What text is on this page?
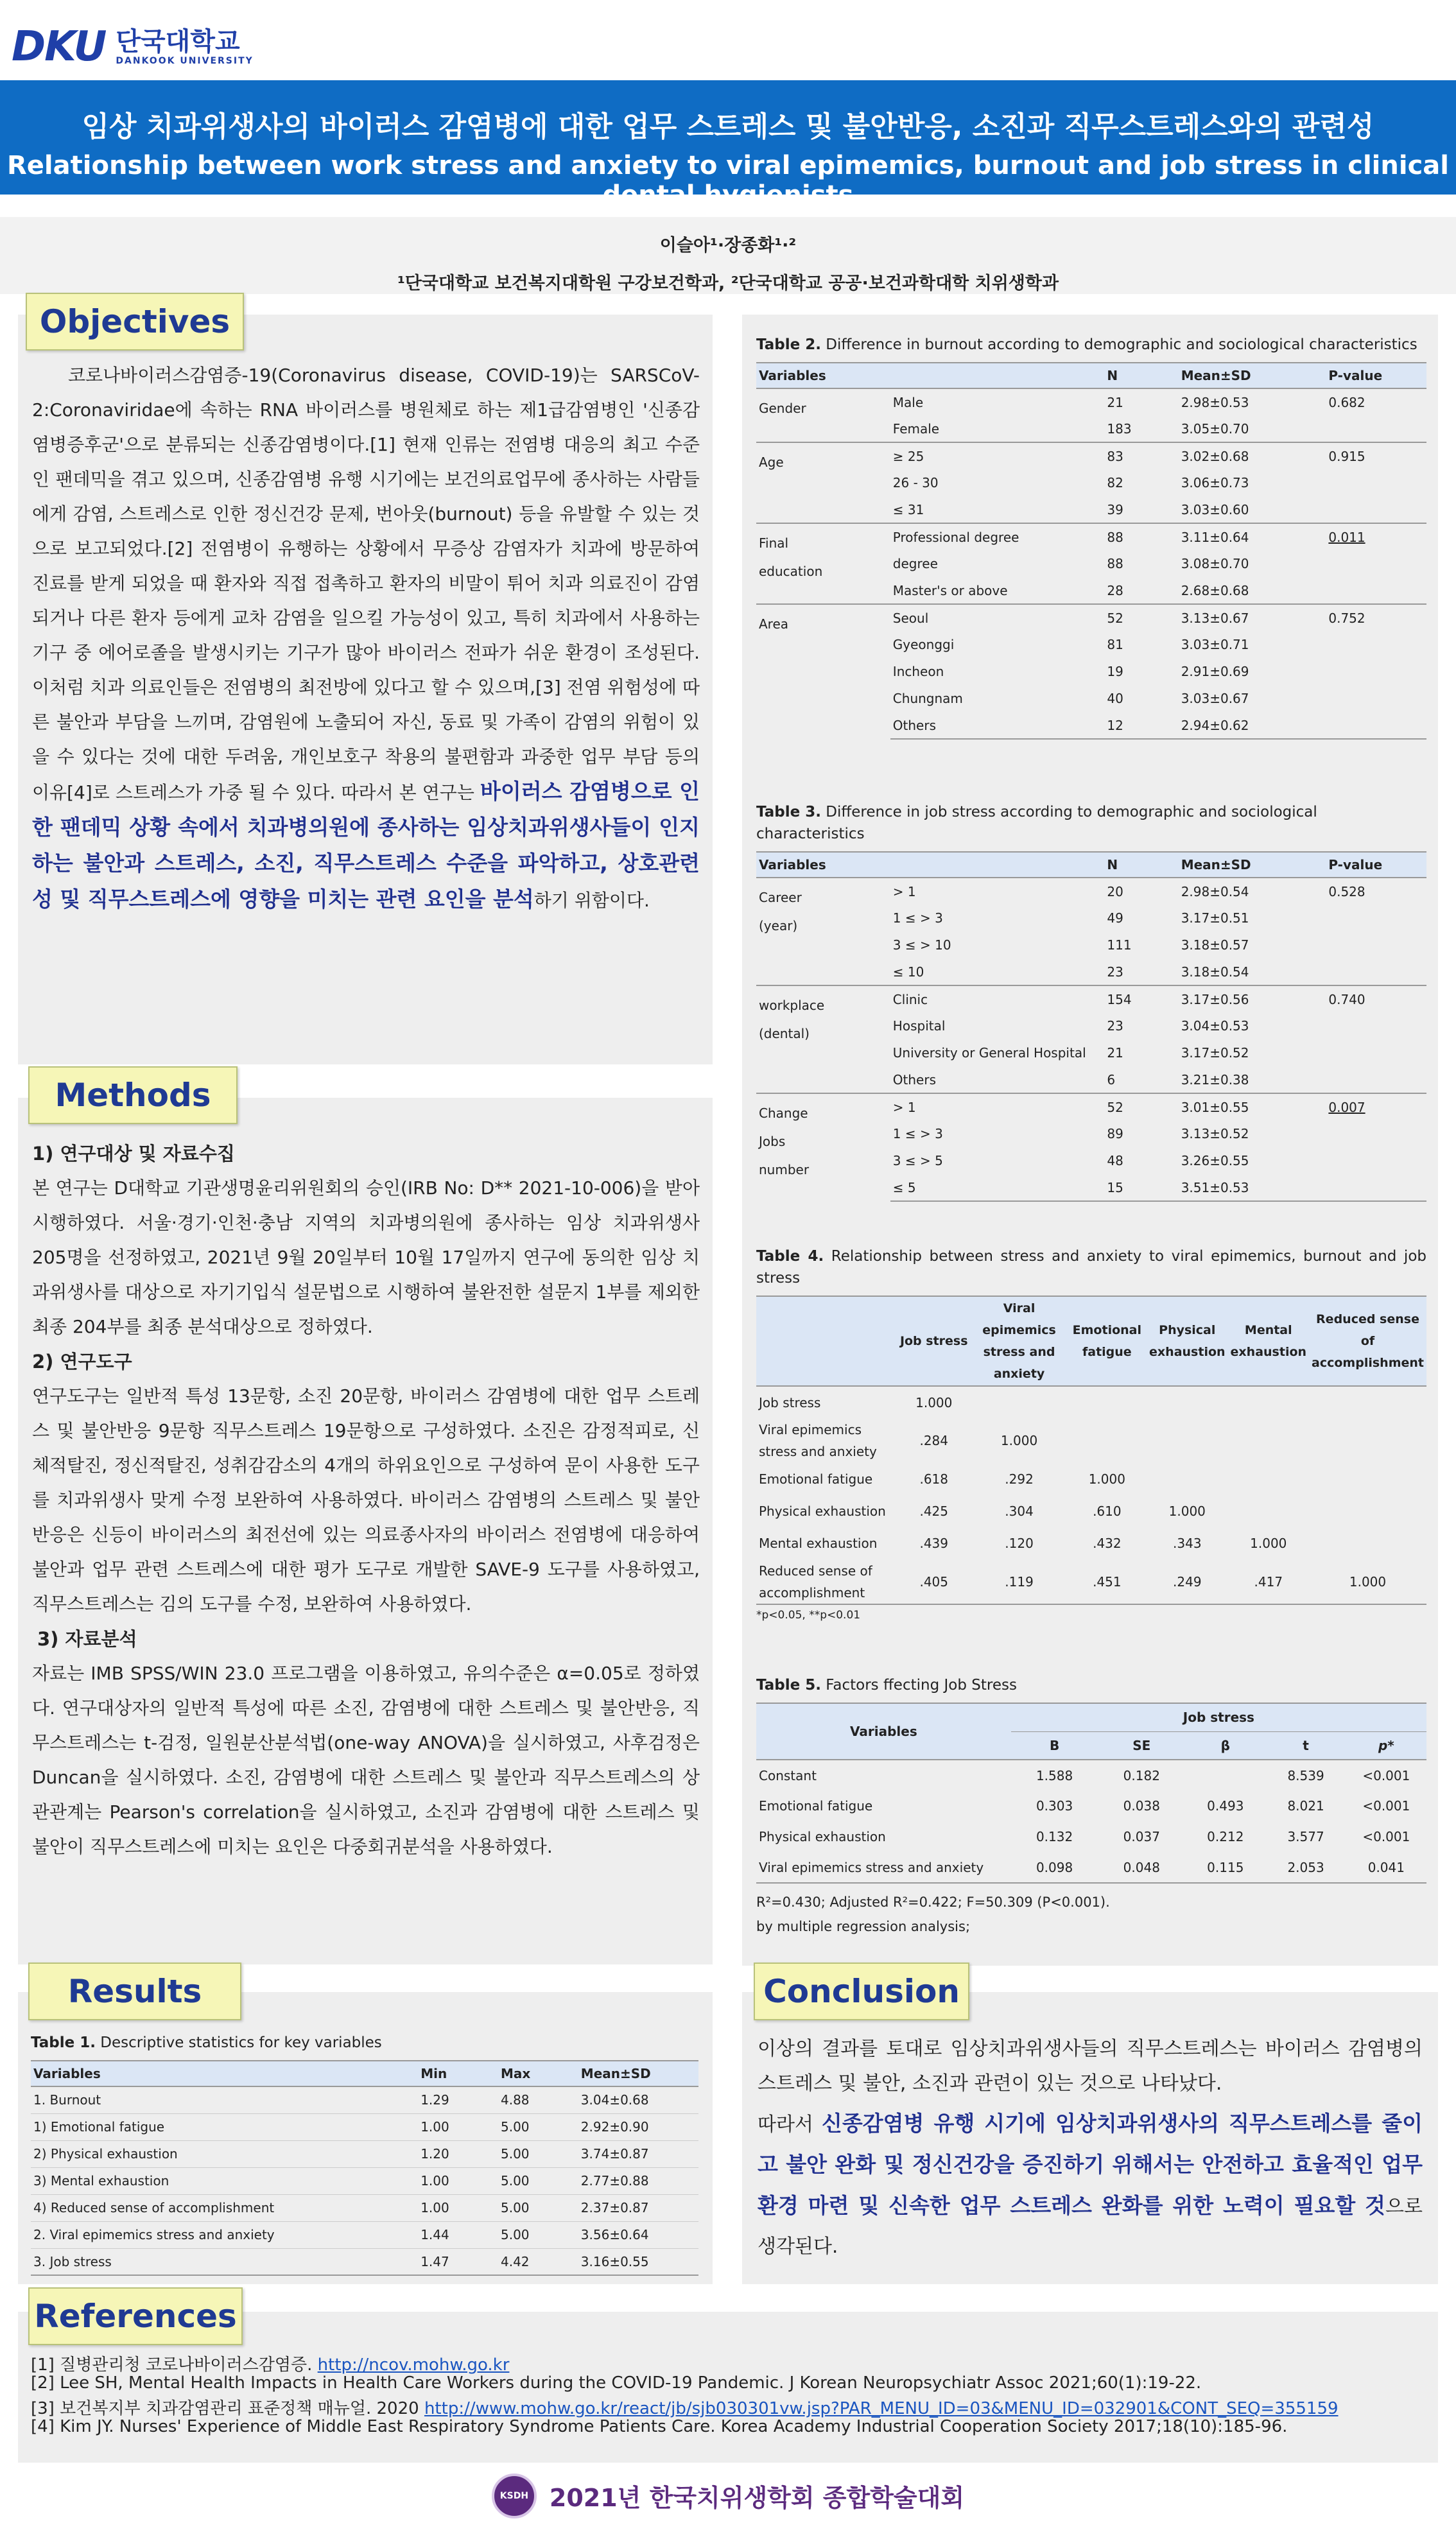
DKU 단국대학교
DANKOOK UNIVERSITY
임상 치과위생사의 바이러스 감염병에 대한 업무 스트레스 및 불안반응, 소진과 직무스트레스와의 관련성
Relationship between work stress and anxiety to viral epimemics, burnout and job stress in clinical dental hygienists
이슬아¹·장종화¹·²
¹단국대학교 보건복지대학원 구강보건학과, ²단국대학교 공공·보건과학대학 치위생학과
코로나바이러스감염증-19(Coronavirus disease, COVID-19)는 SARSCoV-2:Coronaviridae에 속하는 RNA 바이러스를 병원체로 하는 제1급감염병인 '신종감염병증후군'으로 분류되는 신종감염병이다.[1] 현재 인류는 전염병 대응의 최고 수준인 팬데믹을 겪고 있으며, 신종감염병 유행 시기에는 보건의료업무에 종사하는 사람들에게 감염, 스트레스로 인한 정신건강 문제, 번아웃(burnout) 등을 유발할 수 있는 것으로 보고되었다.[2] 전염병이 유행하는 상황에서 무증상 감염자가 치과에 방문하여 진료를 받게 되었을 때 환자와 직접 접촉하고 환자의 비말이 튀어 치과 의료진이 감염되거나 다른 환자 등에게 교차 감염을 일으킬 가능성이 있고, 특히 치과에서 사용하는 기구 중 에어로졸을 발생시키는 기구가 많아 바이러스 전파가 쉬운 환경이 조성된다. 이처럼 치과 의료인들은 전염병의 최전방에 있다고 할 수 있으며,[3] 전염 위험성에 따른 불안과 부담을 느끼며, 감염원에 노출되어 자신, 동료 및 가족이 감염의 위험이 있을 수 있다는 것에 대한 두려움, 개인보호구 착용의 불편함과 과중한 업무 부담 등의 이유[4]로 스트레스가 가중 될 수 있다. 따라서 본 연구는 바이러스 감염병으로 인한 팬데믹 상황 속에서 치과병의원에 종사하는 임상치과위생사들이 인지하는 불안과 스트레스, 소진, 직무스트레스 수준을 파악하고, 상호관련성 및 직무스트레스에 영향을 미치는 관련 요인을 분석하기 위함이다.
Objectives
1) 연구대상 및 자료수집
본 연구는 D대학교 기관생명윤리위원회의 승인(IRB No: D** 2021-10-006)을 받아 시행하였다. 서울·경기·인천·충남 지역의 치과병의원에 종사하는 임상 치과위생사 205명을 선정하였고, 2021년 9월 20일부터 10월 17일까지 연구에 동의한 임상 치과위생사를 대상으로 자기기입식 설문법으로 시행하여 불완전한 설문지 1부를 제외한 최종 204부를 최종 분석대상으로 정하였다.
2) 연구도구
연구도구는 일반적 특성 13문항, 소진 20문항, 바이러스 감염병에 대한 업무 스트레스 및 불안반응 9문항 직무스트레스 19문항으로 구성하였다. 소진은 감정적피로, 신체적탈진, 정신적탈진, 성취감감소의 4개의 하위요인으로 구성하여 문이 사용한 도구를 치과위생사 맞게 수정 보완하여 사용하였다. 바이러스 감염병의 스트레스 및 불안반응은 신등이 바이러스의 최전선에 있는 의료종사자의 바이러스 전염병에 대응하여 불안과 업무 관련 스트레스에 대한 평가 도구로 개발한 SAVE-9 도구를 사용하였고, 직무스트레스는 김의 도구를 수정, 보완하여 사용하였다.
3) 자료분석
자료는 IMB SPSS/WIN 23.0 프로그램을 이용하였고, 유의수준은 α=0.05로 정하였다. 연구대상자의 일반적 특성에 따른 소진, 감염병에 대한 스트레스 및 불안반응, 직무스트레스는 t-검정, 일원분산분석법(one-way ANOVA)을 실시하였고, 사후검정은 Duncan을 실시하였다. 소진, 감염병에 대한 스트레스 및 불안과 직무스트레스의 상관관계는 Pearson's correlation을 실시하였고, 소진과 감염병에 대한 스트레스 및 불안이 직무스트레스에 미치는 요인은 다중회귀분석을 사용하였다.
Methods
Table 1. Descriptive statistics for key variables
Variables	Min	Max	Mean±SD
1. Burnout	1.29	4.88	3.04±0.68
1) Emotional fatigue	1.00	5.00	2.92±0.90
2) Physical exhaustion	1.20	5.00	3.74±0.87
3) Mental exhaustion	1.00	5.00	2.77±0.88
4) Reduced sense of accomplishment	1.00	5.00	2.37±0.87
2. Viral epimemics stress and anxiety	1.44	5.00	3.56±0.64
3. Job stress	1.47	4.42	3.16±0.55
Results
Table 2. Difference in burnout according to demographic and sociological characteristics
Variables		N	Mean±SD	P-value

Gender	Male	21	2.98±0.53	0.682
	Female	183	3.05±0.70	

Age	≥ 25	83	3.02±0.68	0.915
	26 - 30	82	3.06±0.73	
	≤ 31	39	3.03±0.60	

Final
education	Professional degree	88	3.11±0.64	0.011
	degree	88	3.08±0.70	
	Master's or above	28	2.68±0.68	

Area	Seoul	52	3.13±0.67	0.752
	Gyeonggi	81	3.03±0.71	
	Incheon	19	2.91±0.69	
	Chungnam	40	3.03±0.67	
	Others	12	2.94±0.62	
Table 3. Difference in job stress according to demographic and sociological characteristics
Variables		N	Mean±SD	P-value

Career
(year)	> 1	20	2.98±0.54	0.528
	1 ≤ > 3	49	3.17±0.51	
	3 ≤ > 10	111	3.18±0.57	
	≤ 10	23	3.18±0.54	

workplace
(dental)	Clinic	154	3.17±0.56	0.740
	Hospital	23	3.04±0.53	
	University or General Hospital	21	3.17±0.52	
	Others	6	3.21±0.38	

Change
Jobs
number	> 1	52	3.01±0.55	0.007
	1 ≤ > 3	89	3.13±0.52	
	3 ≤ > 5	48	3.26±0.55	
	≤ 5	15	3.51±0.53	
Table 4. Relationship between stress and anxiety to viral epimemics, burnout and job stress
	Job stress	Viral epimemics stress and anxiety	Emotional fatigue	Physical exhaustion	Mental exhaustion	Reduced sense of accomplishment
Job stress	1.000					
Viral epimemics stress and anxiety	.284	1.000				
Emotional fatigue	.618	.292	1.000			
Physical exhaustion	.425	.304	.610	1.000		
Mental exhaustion	.439	.120	.432	.343	1.000	
Reduced sense of accomplishment	.405	.119	.451	.249	.417	1.000
*p<0.05, **p<0.01
Table 5. Factors ffecting Job Stress
Variables	Job stress				
	B	SE	β	t	p*
Constant	1.588	0.182		8.539	<0.001
Emotional fatigue	0.303	0.038	0.493	8.021	<0.001
Physical exhaustion	0.132	0.037	0.212	3.577	<0.001
Viral epimemics stress and anxiety	0.098	0.048	0.115	2.053	0.041
R²=0.430; Adjusted R²=0.422; F=50.309 (P<0.001).
by multiple regression analysis;
이상의 결과를 토대로 임상치과위생사들의 직무스트레스는 바이러스 감염병의 스트레스 및 불안, 소진과 관련이 있는 것으로 나타났다.
따라서 신종감염병 유행 시기에 임상치과위생사의 직무스트레스를 줄이고 불안 완화 및 정신건강을 증진하기 위해서는 안전하고 효율적인 업무 환경 마련 및 신속한 업무 스트레스 완화를 위한 노력이 필요할 것으로 생각된다.
Conclusion
[1] 질병관리청 코로나바이러스감염증. http://ncov.mohw.go.kr
[2] Lee SH, Mental Health Impacts in Health Care Workers during the COVID-19 Pandemic. J Korean Neuropsychiatr Assoc 2021;60(1):19-22.
[3] 보건복지부 치과감염관리 표준정책 매뉴얼. 2020 http://www.mohw.go.kr/react/jb/sjb030301vw.jsp?PAR_MENU_ID=03&MENU_ID=032901&CONT_SEQ=355159
[4] Kim JY. Nurses' Experience of Middle East Respiratory Syndrome Patients Care. Korea Academy Industrial Cooperation Society 2017;18(10):185-96.
References
KSDH 2021년 한국치위생학회 종합학술대회
